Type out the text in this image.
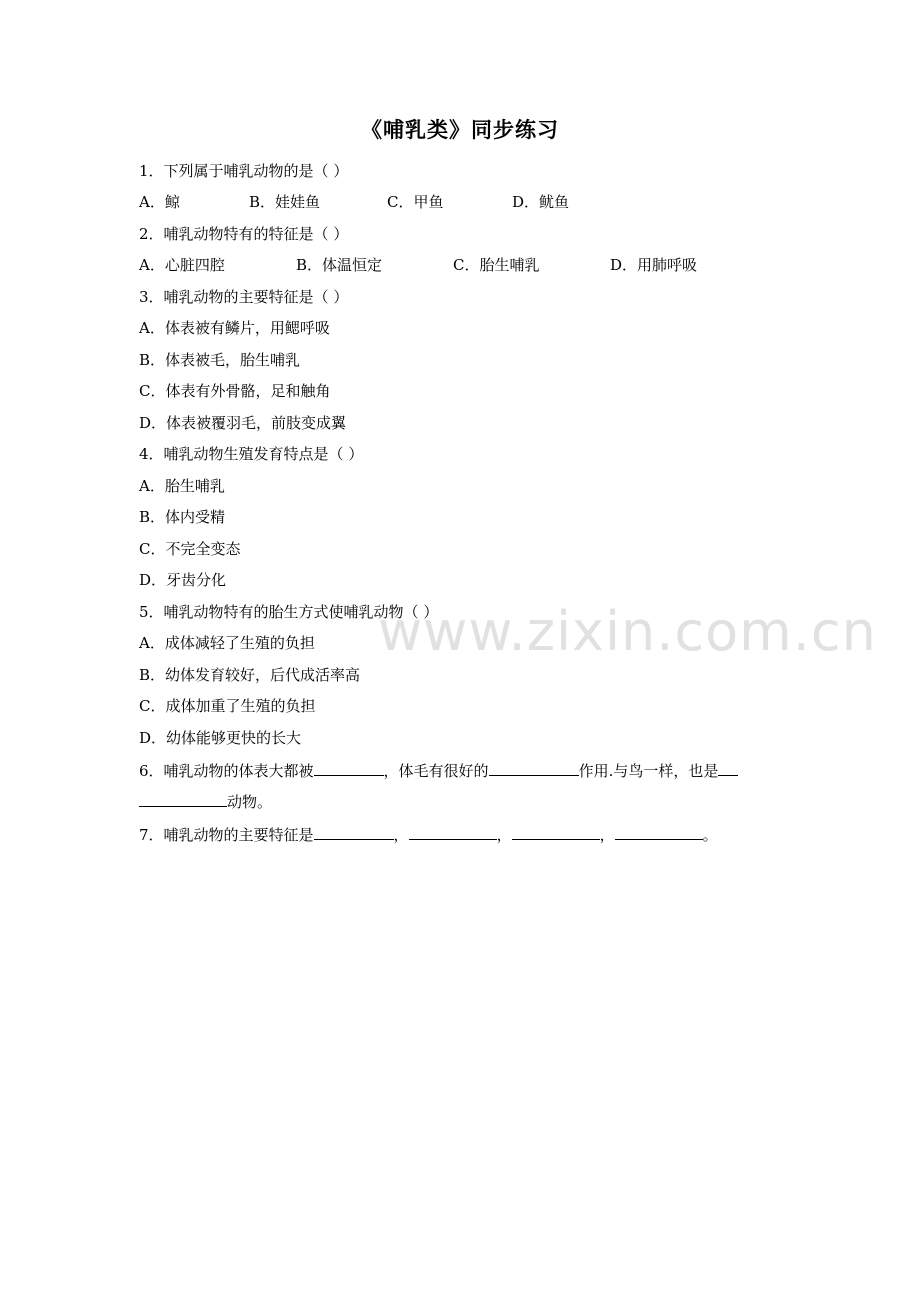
www.zixin.com.cn
《哺乳类》同步练习
1．下列属于哺乳动物的是（ ）
A．鲸	B．娃娃鱼	C．甲鱼	D．鱿鱼
2．哺乳动物特有的特征是（ ）
A．心脏四腔	B．体温恒定	C．胎生哺乳	D．用肺呼吸
3．哺乳动物的主要特征是（ ）
A．体表被有鳞片，用鳃呼吸
B．体表被毛，胎生哺乳
C．体表有外骨骼，足和触角
D．体表被覆羽毛，前肢变成翼
4．哺乳动物生殖发育特点是（ ）
A．胎生哺乳
B．体内受精
C．不完全变态
D．牙齿分化
5．哺乳动物特有的胎生方式使哺乳动物（ ）
A．成体减轻了生殖的负担
B．幼体发育较好，后代成活率高
C．成体加重了生殖的负担
D．幼体能够更快的长大
6．哺乳动物的体表大都被	，体毛有很好的	作用.与鸟一样，也是
动物。
7．哺乳动物的主要特征是	，	，	，	。
